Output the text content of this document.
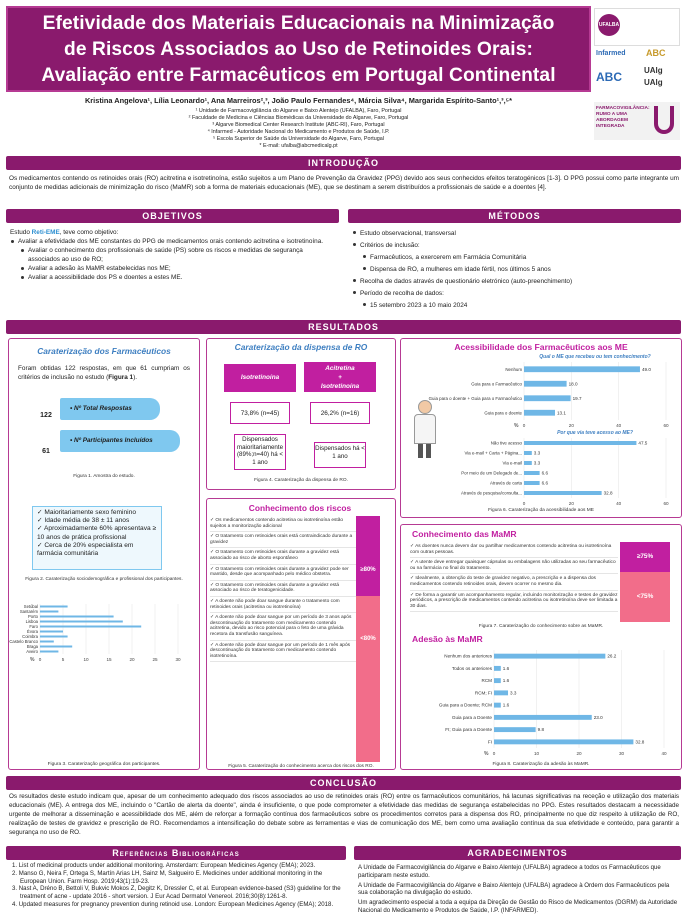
Efetividade dos Materiais Educacionais na Minimização
de Riscos Associados ao Uso de Retinoides Orais:
Avaliação entre Farmacêuticos em Portugal Continental
UFALBA
Infarmed ABC
ABC	UAlg
UAlg
FARMACOVIGILÂNCIA: RUMO A UMA ABORDAGEM INTEGRADA
Kristina Angelova¹, Lília Leonardo¹, Ana Marreiros²,³, João Paulo Fernandes⁴, Márcia Silva⁴, Margarida Espírito-Santo¹,³,⁵*
¹ Unidade de Farmacovigilância do Algarve e Baixo Alentejo (UFALBA), Faro, Portugal
² Faculdade de Medicina e Ciências Biomédicas da Universidade do Algarve, Faro, Portugal
³ Algarve Biomedical Center Research Institute (ABC-RI), Faro, Portugal
⁴ Infarmed - Autoridade Nacional do Medicamento e Produtos de Saúde, I.P.
⁵ Escola Superior de Saúde da Universidade do Algarve, Faro, Portugal
* E-mail: ufalba@abcmedicalg.pt
INTRODUÇÃO
Os medicamentos contendo os retinoides orais (RO) acitretina e isotretinoína, estão sujeitos a um Plano de Prevenção da Gravidez (PPG) devido aos seus conhecidos efeitos teratogénicos [1-3]. O PPG possui como parte integrante um conjunto de medidas adicionais de minimização do risco (MaMR) sob a forma de materiais educacionais (ME), que se destinam a serem distribuídos a profissionais de saúde e a doentes [4].
OBJETIVOS
Estudo Reti-EME, teve como objetivo:
Avaliar a efetividade dos ME constantes do PPG de medicamentos orais contendo acitretina e isotretinoína.
Avaliar o conhecimento dos profissionais de saúde (PS) sobre os riscos e medidas de segurança associados ao uso de RO;
Avaliar a adesão às MaMR estabelecidas nos ME;
Avaliar a acessibilidade dos PS e doentes a estes ME.
MÉTODOS
Estudo observacional, transversal
Critérios de inclusão:
Farmacêuticos, a exercerem em Farmácia Comunitária
Dispensa de RO, a mulheres em idade fértil, nos últimos 5 anos
Recolha de dados através de questionário eletrónico (auto-preenchimento)
Período de recolha de dados:
15 setembro 2023 a 10 maio 2024
RESULTADOS
Caraterização dos Farmacêuticos
Foram obtidas 122 respostas, em que 61 cumpriam os critérios de inclusão no estudo (Figura 1).
122
• Nº Total Respostas
61
• Nº Participantes Incluídos
Figura 1. Amostra do estudo.
✓ Maioritariamente sexo feminino
✓ Idade média de 38 ± 11 anos
✓ Aproximadamente 60% apresentava ≥ 10 anos de prática profissional
✓ Cerca de 20% especialista em farmácia comunitária
Figura 2. Caraterização sociodemográfica e profissional dos participantes.
0	5	10	15	20	25	30
%
Setúbal
Santarém
Porto
Lisboa
Faro
Évora
Coimbra
Castelo Branco
Braga
Aveiro
Figura 3. Caraterização geográfica dos participantes.
Caraterização da dispensa de RO
Isotretinoína
Acitretina
+
Isotretinoína
73,8% (n=45)	26,2% (n=16)
Dispensados maioritariamente (89%;n=40) há < 1 ano
Dispensados há < 1 ano
Figura 4. Caraterização da dispensa de RO.
Conhecimento dos riscos
✓ Os medicamentos contendo acitretina ou isotretinoína estão sujeitos a monitorização adicional
✓ O tratamento com retinoides orais está contraindicado durante a gravidez
✓ O tratamento com retinoides orais durante a gravidez está associado ao risco de aborto espontâneo
✓ O tratamento com retinoides orais durante a gravidez pode ser mantido, desde que acompanhado pelo médico obstetra.
✓ O tratamento com retinoides orais durante a gravidez está associado ao risco de teratogenicidade.
✓ A doente não pode doar sangue durante o tratamento com retinoides orais (acitretina ou isotretinoína)
✓ A doente não pode doar sangue por um período de 3 anos após descontinuação do tratamento com medicamento contendo acitretina, devido ao risco potencial para o feto de uma grávida recetora da transfusão sanguínea.
✓ A doente não pode doar sangue por um período de 1 mês após descontinuação do tratamento com medicamento contendo isotretinoína.
≥80%
<80%
Figura 5. Caraterização do conhecimento acerca dos riscos dos RO.
Acessibilidade dos Farmacêuticos aos ME
Qual o ME que recebeu ou tem conhecimento?
0	20	40	60
%
Nenhum	49.0
Guia para o Farmacêutico	18.0
Guia para o doente + Guia para o Farmacêutico	19.7
Guia para o doente	13.1
Por que via teve acesso ao ME?
0	20	40	60
Não tive acesso	47.5
Via e-mail + Carta + Página...	3.3
Via e-mail	3.3
Por meio de um Delegado de...	6.6
Através de carta	6.6
Através de pesquisa/consulta...	32.8
Figura 6. Caraterização da acessibilidade aos ME
Conhecimento das MaMR
✓ As doentes nunca devem dar ou partilhar medicamentos contendo acitretina ou isotretinoína com outras pessoas.
✓ A utente deve entregar quaisquer cápsulas ou embalagens não utilizadas ao seu farmacêutico ou na farmácia no final do tratamento.
✓ Idealmente, a obtenção do teste de gravidez negativo, a prescrição e a dispensa dos medicamentos contendo retinoides orais, devem ocorrer no mesmo dia.
✓ De forma a garantir um acompanhamento regular, incluindo monitorização e testes de gravidez periódicos, a prescrição de medicamentos contendo acitretina ou isotretinoína deve ser limitada a 30 dias.
≥75%
<75%
Figura 7. Caraterização do conhecimento sobre as MaMR.
Adesão às MaMR
0	10	20	30	40
%
Nenhum dos anteriores	26.2
Todos os anteriores 1.6
RCM 1.6
RCM; FI	3.3
Guia para a Doente; RCM 1.6
Guia para a Doente	23.0
FI; Guia para a Doente	9.8
FI	32.8
Figura 8. Caraterização da adesão às MaMR.
CONCLUSÃO
Os resultados deste estudo indicam que, apesar de um conhecimento adequado dos riscos associados ao uso de retinoides orais (RO) entre os farmacêuticos comunitários, há lacunas significativas na receção e utilização dos materiais educacionais (ME). A entrega dos ME, incluindo o "Cartão de alerta da doente", ainda é insuficiente, o que pode comprometer a efetividade das medidas de segurança estabelecidas no PPG. Estes resultados destacam a necessidade urgente de melhorar a disseminação e acessibilidade dos ME, além de reforçar a formação contínua dos farmacêuticos sobre os procedimentos corretos para a dispensa dos RO, principalmente no que diz respeito à utilização de RO, realização de testes de gravidez e prescrição de RO. Recomendamos a intensificação do debate sobre as ferramentas e vias de comunicação dos ME, bem como uma avaliação contínua da sua efetividade e conteúdo, para garantir a segurança no uso de RO.
Referências Bibliográficas
1. List of medicinal products under additional monitoring. Amsterdam: European Medicines Agency (EMA); 2023.
2. Manso G, Neira F, Ortega S, Martín Arias LH, Sainz M, Salgueiro E. Medicines under additional monitoring in the European Union. Farm Hosp. 2019;43(1):19-23.
3. Nast A, Dréno B, Bettoli V, Bukvic Mokos Z, Degitz K, Dressler C, et al. European evidence-based (S3) guideline for the treatment of acne - update 2016 - short version. J Eur Acad Dermatol Venereol. 2016;30(8):1261-8.
4. Updated measures for pregnancy prevention during retinoid use. London: European Medicines Agency (EMA); 2018.
AGRADECIMENTOS
A Unidade de Farmacovigilância do Algarve e Baixo Alentejo (UFALBA) agradece a todos os Farmacêuticos que participaram neste estudo.
A Unidade de Farmacovigilância do Algarve e Baixo Alentejo (UFALBA) agradece à Ordem dos Farmacêuticos pela sua colaboração na divulgação do estudo.
Um agradecimento especial a toda a equipa da Direção de Gestão do Risco de Medicamentos (DGRM) da Autoridade Nacional do Medicamento e Produtos de Saúde, I.P. (INFARMED).
